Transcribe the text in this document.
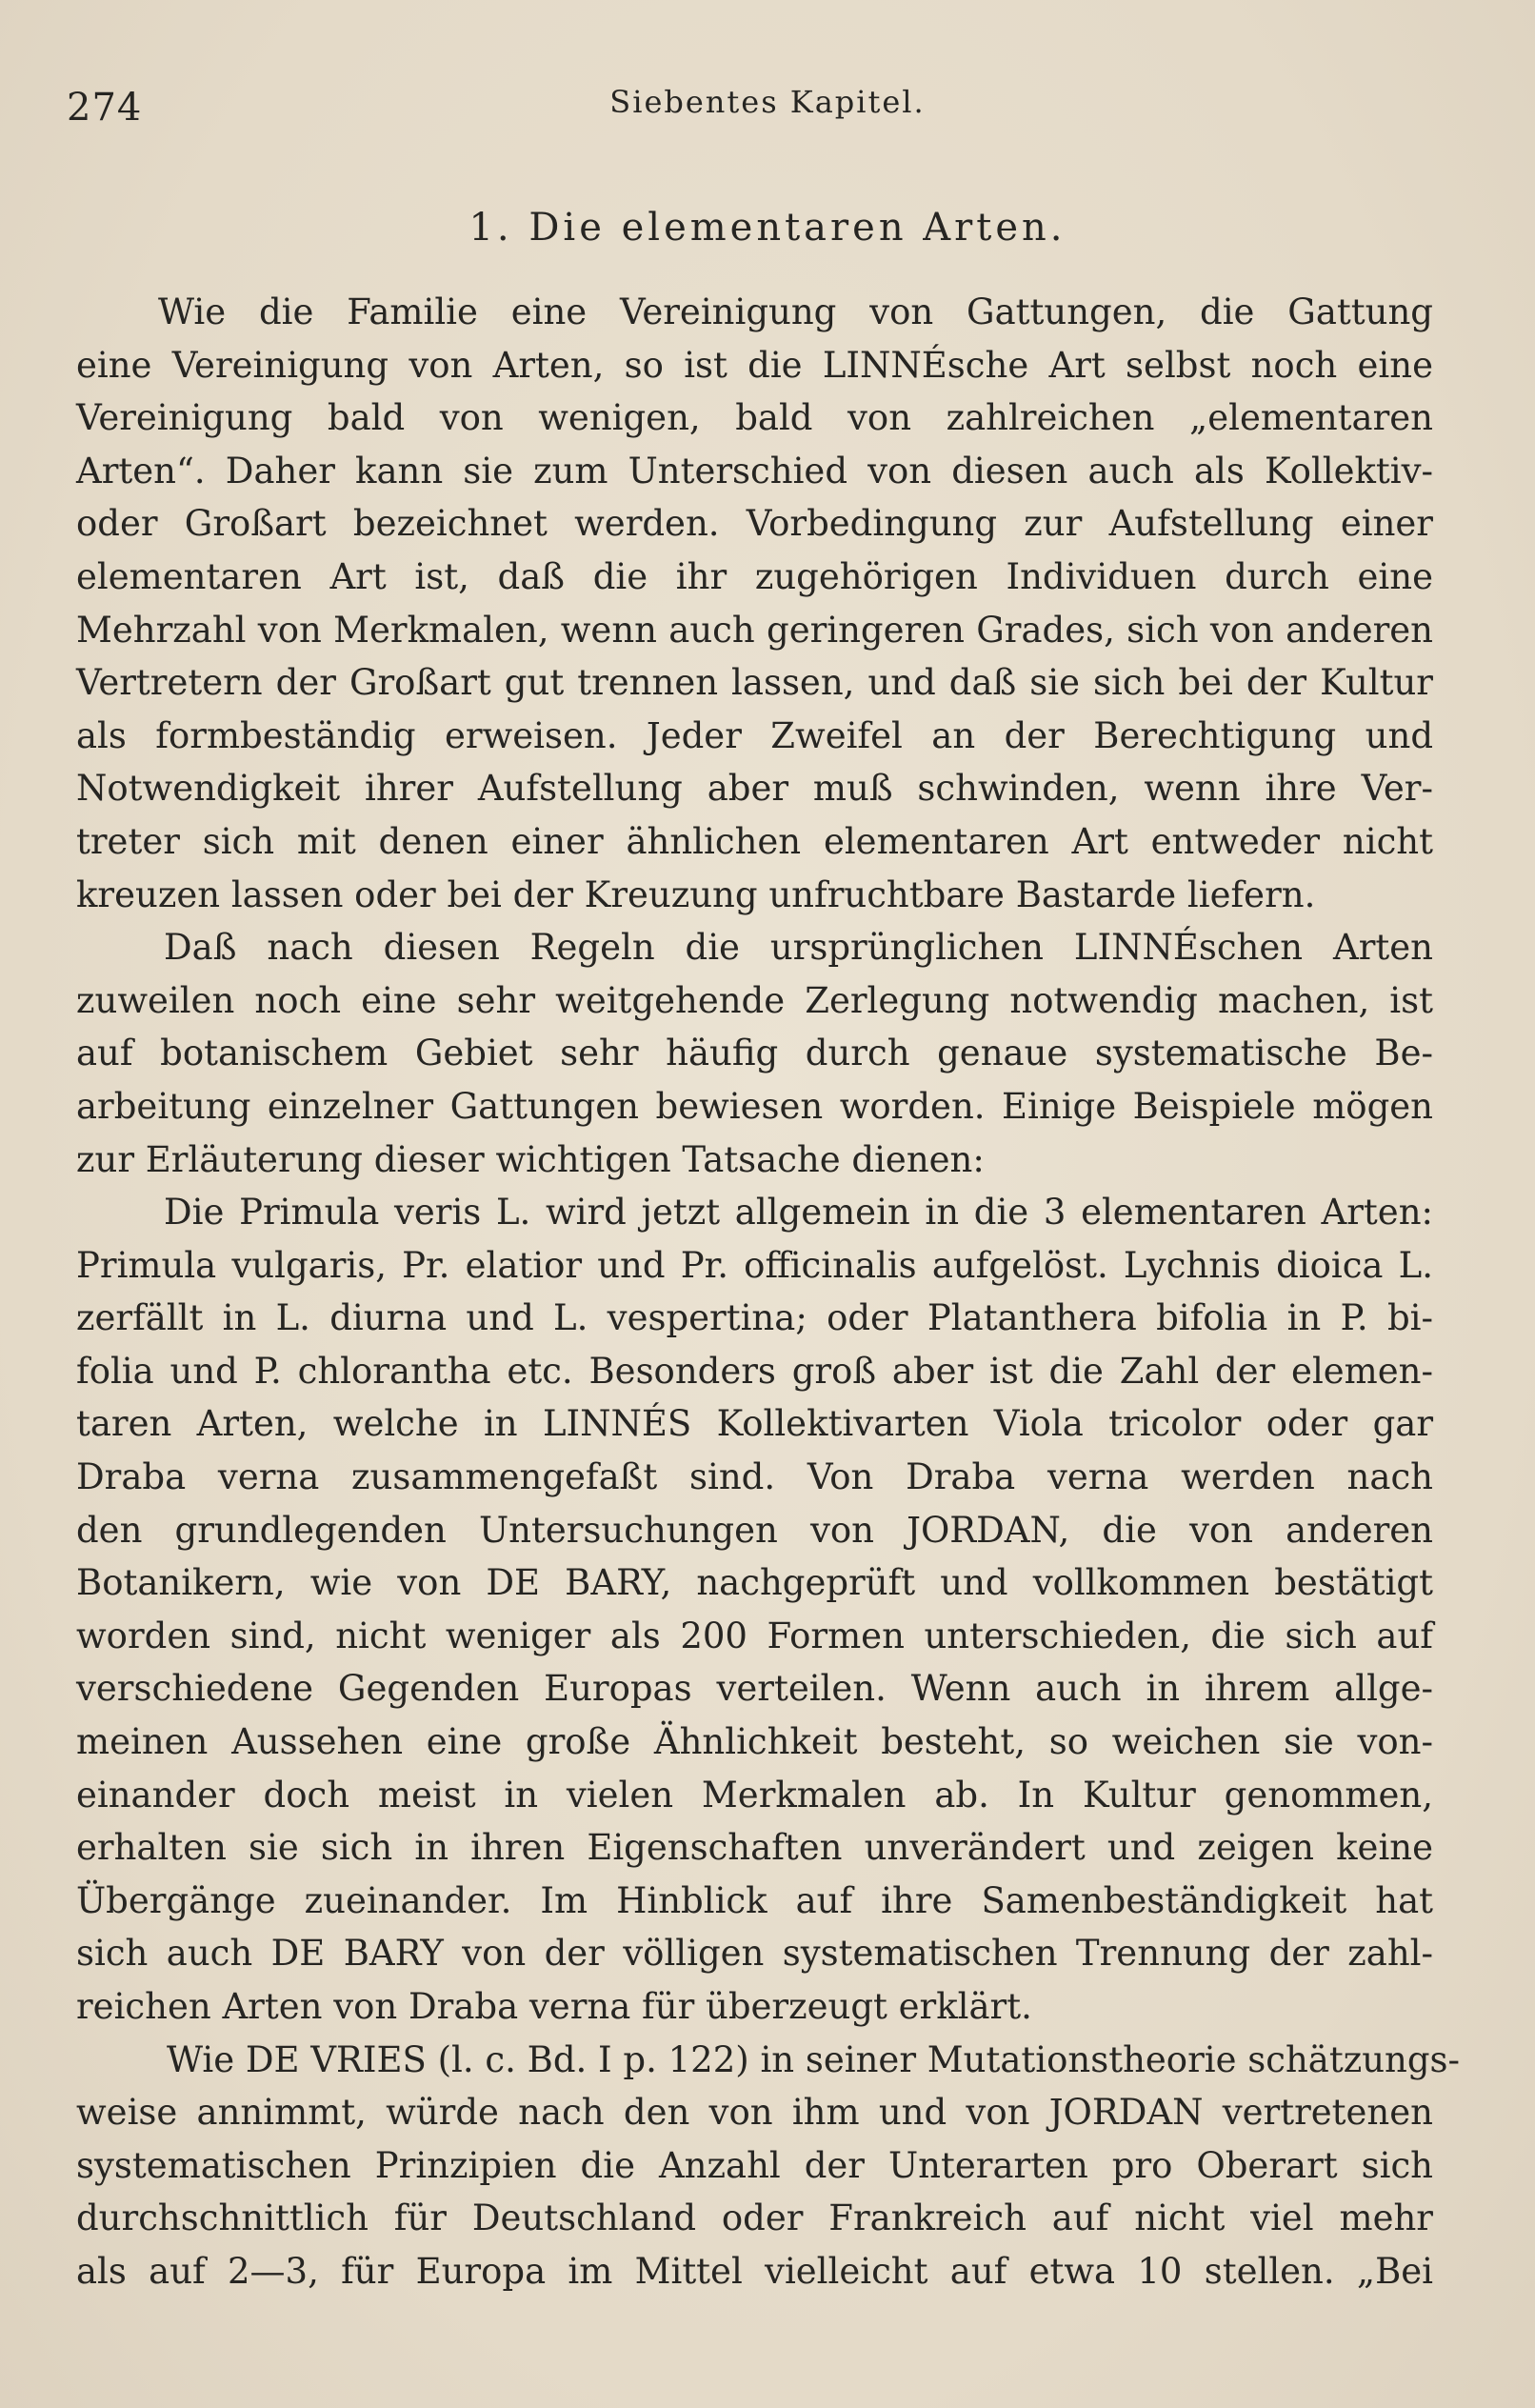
274	Siebentes Kapitel.
1. Die elementaren Arten.
Wie die Familie eine Vereinigung von Gattungen, die Gattung
eine Vereinigung von Arten, so ist die LINNÉsche Art selbst noch eine
Vereinigung bald von wenigen, bald von zahlreichen „elementaren
Arten“. Daher kann sie zum Unterschied von diesen auch als Kollektiv-
oder Großart bezeichnet werden. Vorbedingung zur Aufstellung einer
elementaren Art ist, daß die ihr zugehörigen Individuen durch eine
Mehrzahl von Merkmalen, wenn auch geringeren Grades, sich von anderen
Vertretern der Großart gut trennen lassen, und daß sie sich bei der Kultur
als formbeständig erweisen. Jeder Zweifel an der Berechtigung und
Notwendigkeit ihrer Aufstellung aber muß schwinden, wenn ihre Ver-
treter sich mit denen einer ähnlichen elementaren Art entweder nicht
kreuzen lassen oder bei der Kreuzung unfruchtbare Bastarde liefern.
Daß nach diesen Regeln die ursprünglichen LINNÉschen Arten
zuweilen noch eine sehr weitgehende Zerlegung notwendig machen, ist
auf botanischem Gebiet sehr häufig durch genaue systematische Be-
arbeitung einzelner Gattungen bewiesen worden. Einige Beispiele mögen
zur Erläuterung dieser wichtigen Tatsache dienen:
Die Primula veris L. wird jetzt allgemein in die 3 elementaren Arten:
Primula vulgaris, Pr. elatior und Pr. officinalis aufgelöst. Lychnis dioica L.
zerfällt in L. diurna und L. vespertina; oder Platanthera bifolia in P. bi-
folia und P. chlorantha etc. Besonders groß aber ist die Zahl der elemen-
taren Arten, welche in LINNÉS Kollektivarten Viola tricolor oder gar
Draba verna zusammengefaßt sind. Von Draba verna werden nach
den grundlegenden Untersuchungen von JORDAN, die von anderen
Botanikern, wie von DE BARY, nachgeprüft und vollkommen bestätigt
worden sind, nicht weniger als 200 Formen unterschieden, die sich auf
verschiedene Gegenden Europas verteilen. Wenn auch in ihrem allge-
meinen Aussehen eine große Ähnlichkeit besteht, so weichen sie von-
einander doch meist in vielen Merkmalen ab. In Kultur genommen,
erhalten sie sich in ihren Eigenschaften unverändert und zeigen keine
Übergänge zueinander. Im Hinblick auf ihre Samenbeständigkeit hat
sich auch DE BARY von der völligen systematischen Trennung der zahl-
reichen Arten von Draba verna für überzeugt erklärt.
Wie DE VRIES (l. c. Bd. I p. 122) in seiner Mutationstheorie schätzungs-
weise annimmt, würde nach den von ihm und von JORDAN vertretenen
systematischen Prinzipien die Anzahl der Unterarten pro Oberart sich
durchschnittlich für Deutschland oder Frankreich auf nicht viel mehr
als auf 2—3, für Europa im Mittel vielleicht auf etwa 10 stellen. „Bei
